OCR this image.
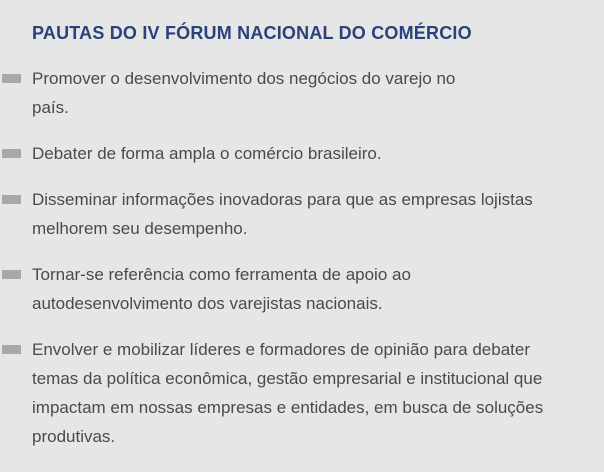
PAUTAS DO IV FÓRUM NACIONAL DO COMÉRCIO
Promover o desenvolvimento dos negócios do varejo no país.
Debater de forma ampla o comércio brasileiro.
Disseminar informações inovadoras para que as empresas lojistas melhorem seu desempenho.
Tornar-se referência como ferramenta de apoio ao autodesenvolvimento dos varejistas nacionais.
Envolver e mobilizar líderes e formadores de opinião para debater temas da política econômica, gestão empresarial e institucional que impactam em nossas empresas e entidades, em busca de soluções produtivas.
